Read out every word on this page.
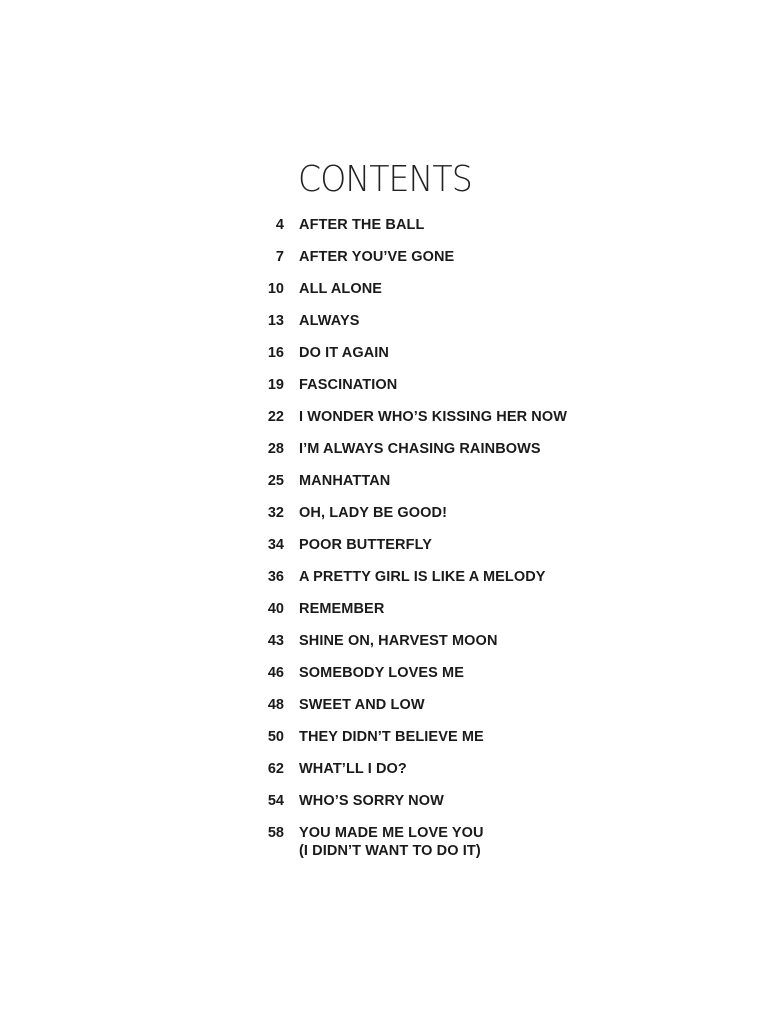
CONTENTS
4	AFTER THE BALL
7	AFTER YOU’VE GONE
10	ALL ALONE
13	ALWAYS
16	DO IT AGAIN
19	FASCINATION
22	I WONDER WHO’S KISSING HER NOW
28	I’M ALWAYS CHASING RAINBOWS
25	MANHATTAN
32	OH, LADY BE GOOD!
34	POOR BUTTERFLY
36	A PRETTY GIRL IS LIKE A MELODY
40	REMEMBER
43	SHINE ON, HARVEST MOON
46	SOMEBODY LOVES ME
48	SWEET AND LOW
50	THEY DIDN’T BELIEVE ME
62	WHAT’LL I DO?
54	WHO’S SORRY NOW
58	YOU MADE ME LOVE YOU
(I DIDN’T WANT TO DO IT)
